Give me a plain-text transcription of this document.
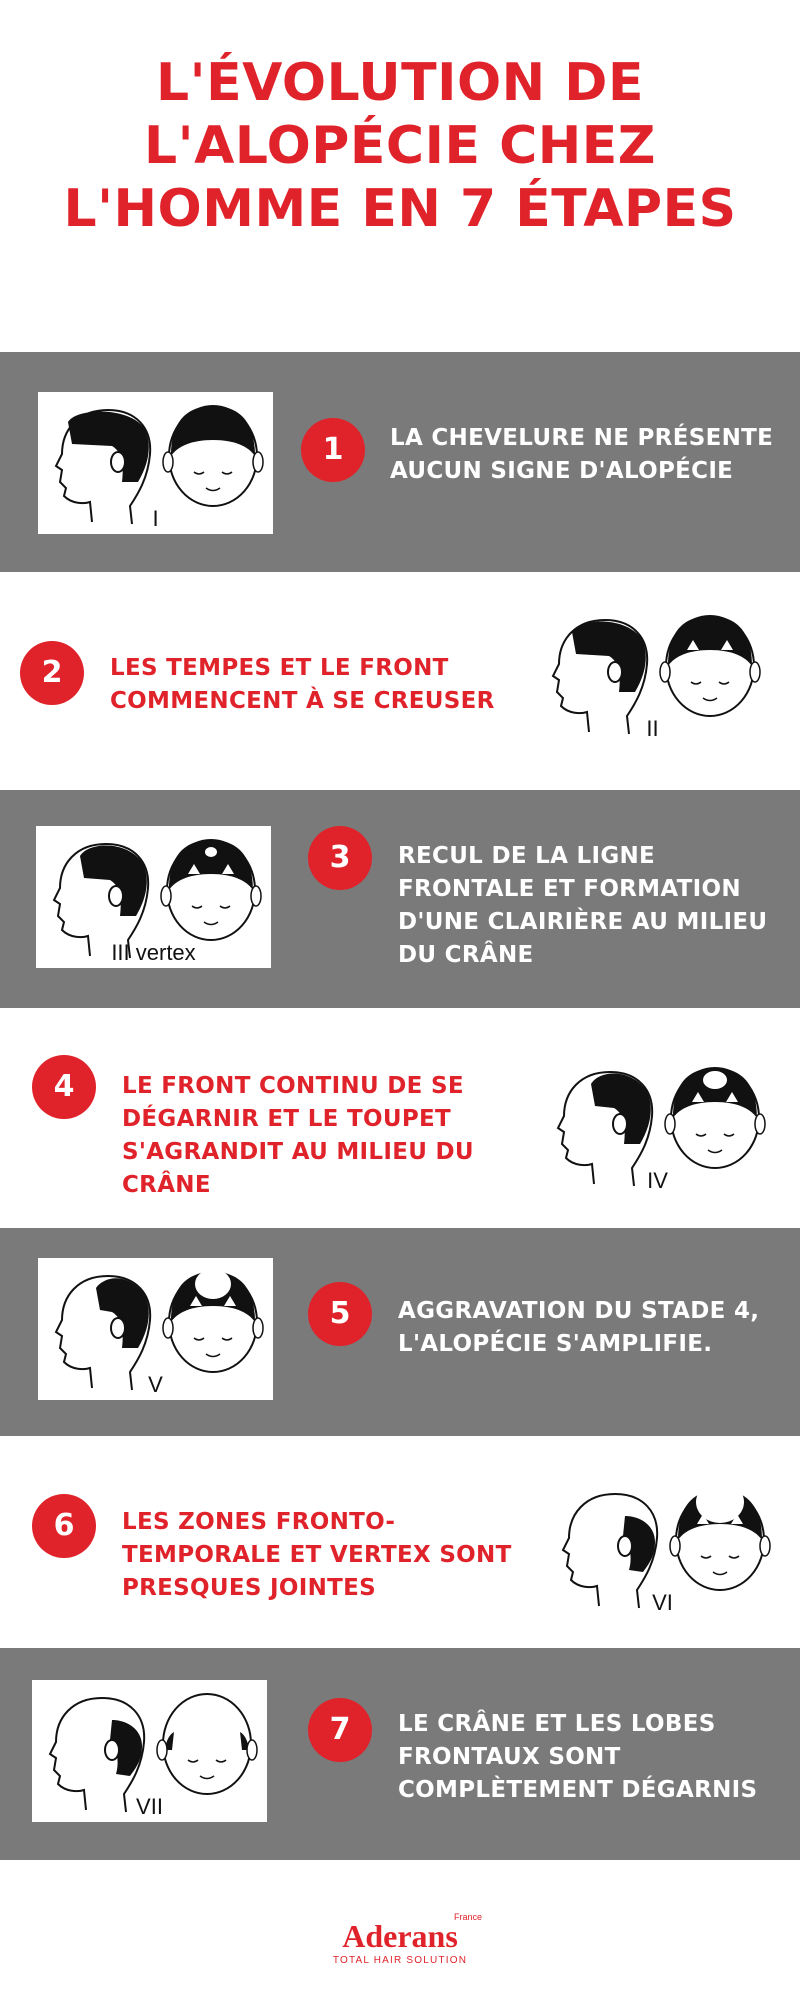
L'ÉVOLUTION DE
L'ALOPÉCIE CHEZ
L'HOMME EN 7 ÉTAPES
I
1	LA CHEVELURE NE PRÉSENTE
AUCUN SIGNE D'ALOPÉCIE
2	LES TEMPES ET LE FRONT
COMMENCENT À SE CREUSER
II
III vertex
3	RECUL DE LA LIGNE
FRONTALE ET FORMATION
D'UNE CLAIRIÈRE AU MILIEU
DU CRÂNE
4	LE FRONT CONTINU DE SE
DÉGARNIR ET LE TOUPET
S'AGRANDIT AU MILIEU DU
CRÂNE	IV
V
5	AGGRAVATION DU STADE 4,
L'ALOPÉCIE S'AMPLIFIE.
6	LES ZONES FRONTO-
TEMPORALE ET VERTEX SONT
PRESQUES JOINTES
VI
VII
7	LE CRÂNE ET LES LOBES
FRONTAUX SONT
COMPLÈTEMENT DÉGARNIS
France
Aderans
TOTAL HAIR SOLUTION
